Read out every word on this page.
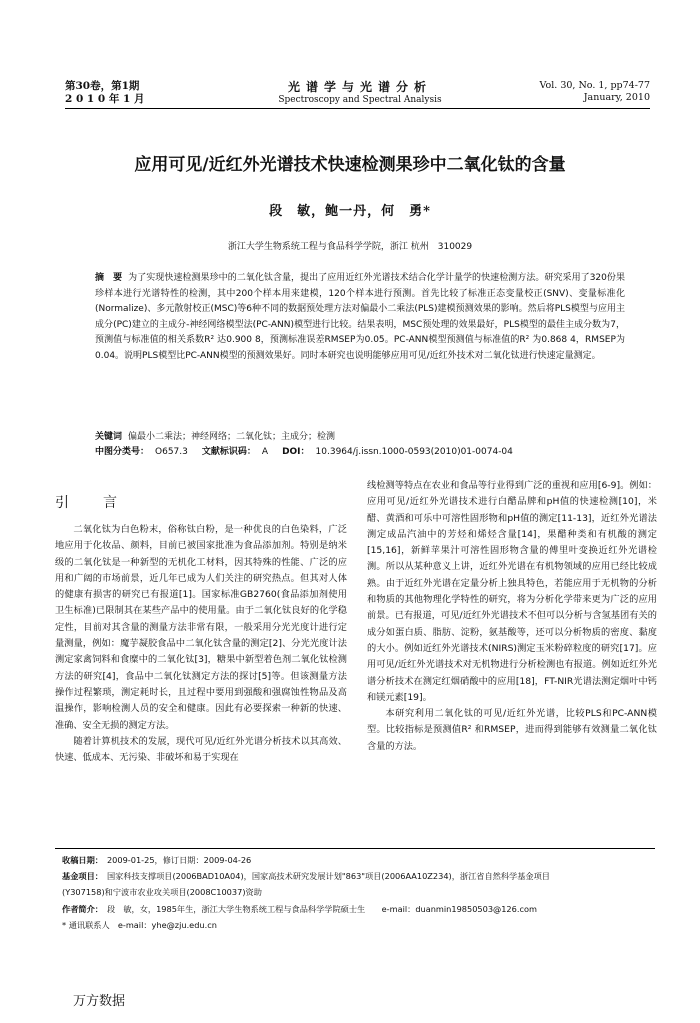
第30卷，第1期
2 0 1 0 年 1 月
光谱学与光谱分析
Spectroscopy and Spectral Analysis
Vol. 30, No. 1, pp74-77
January, 2010
应用可见/近红外光谱技术快速检测果珍中二氧化钛的含量
段　敏，鲍一丹，何　勇*
浙江大学生物系统工程与食品科学学院，浙江 杭州　310029
摘　要 为了实现快速检测果珍中的二氧化钛含量，提出了应用近红外光谱技术结合化学计量学的快速检测方法。研究采用了320份果珍样本进行光谱特性的检测，其中200个样本用来建模，120个样本进行预测。首先比较了标准正态变量校正(SNV)、变量标准化(Normalize)、多元散射校正(MSC)等6种不同的数据预处理方法对偏最小二乘法(PLS)建模预测效果的影响。然后将PLS模型与应用主成分(PC)建立的主成分-神经网络模型法(PC-ANN)模型进行比较。结果表明，MSC预处理的效果最好，PLS模型的最佳主成分数为7，预测值与标准值的相关系数R² 达0.900 8，预测标准误差RMSEP为0.05。PC-ANN模型预测值与标准值的R² 为0.868 4，RMSEP为0.04。说明PLS模型比PC-ANN模型的预测效果好。同时本研究也说明能够应用可见/近红外技术对二氧化钛进行快速定量测定。
关键词 偏最小二乘法；神经网络；二氧化钛；主成分；检测
中图分类号： O657.3 文献标识码： A DOI： 10.3964/j.issn.1000-0593(2010)01-0074-04
引　言

二氧化钛为白色粉末，俗称钛白粉，是一种优良的白色染料，广泛地应用于化妆品、颜料，目前已被国家批准为食品添加剂。特别是纳米级的二氧化钛是一种新型的无机化工材料，因其特殊的性能、广泛的应用和广阔的市场前景，近几年已成为人们关注的研究热点。但其对人体的健康有损害的研究已有报道[1]。国家标准GB2760(食品添加剂使用卫生标准)已限制其在某些产品中的使用量。由于二氧化钛良好的化学稳定性，目前对其含量的测量方法非常有限，一般采用分光光度计进行定量测量，例如：魔芋凝胶食品中二氧化钛含量的测定[2]、分光光度计法测定家禽饲料和食糜中的二氧化钛[3]，糖果中新型着色剂二氧化钛检测方法的研究[4]，食品中二氧化钛测定方法的探讨[5]等。但该测量方法操作过程繁琐，测定耗时长，且过程中要用到强酸和强腐蚀性物品及高温操作，影响检测人员的安全和健康。因此有必要探索一种新的快速、准确、安全无损的测定方法。

随着计算机技术的发展，现代可见/近红外光谱分析技术以其高效、快速、低成本、无污染、非破坏和易于实现在

线检测等特点在农业和食品等行业得到广泛的重视和应用[6-9]。例如：应用可见/近红外光谱技术进行白醋品牌和pH值的快速检测[10]，米醋、黄酒和可乐中可溶性固形物和pH值的测定[11-13]，近红外光谱法测定成品汽油中的芳烃和烯烃含量[14]，果醋种类和有机酸的测定[15,16]，新鲜苹果汁可溶性固形物含量的傅里叶变换近红外光谱检测。所以从某种意义上讲，近红外光谱在有机物领域的应用已经比较成熟。由于近红外光谱在定量分析上独具特色，若能应用于无机物的分析和物质的其他物理化学特性的研究，将为分析化学带来更为广泛的应用前景。已有报道，可见/近红外光谱技术不但可以分析与含氢基团有关的成分如蛋白质、脂肪、淀粉，氨基酸等，还可以分析物质的密度、黏度的大小。例如近红外光谱技术(NIRS)测定玉米粉碎粒度的研究[17]。应用可见/近红外光谱技术对无机物进行分析检测也有报道。例如近红外光谱分析技术在测定红烟硝酸中的应用[18]，FT-NIR光谱法测定烟叶中钙和镁元素[19]。

本研究利用二氧化钛的可见/近红外光谱，比较PLS和PC-ANN模型。比较指标是预测值R² 和RMSEP，进而得到能够有效测量二氧化钛含量的方法。

收稿日期： 2009-01-25，修订日期：2009-04-26
基金项目： 国家科技支撑项目(2006BAD10A04)，国家高技术研究发展计划"863"项目(2006AA10Z234)，浙江省自然科学基金项目
(Y307158)和宁波市农业攻关项目(2008C10037)资助
作者简介： 段　敏，女，1985年生，浙江大学生物系统工程与食品科学学院硕士生　　e-mail：duanmin19850503@126.com
* 通讯联系人　e-mail：yhe@zju.edu.cn
万方数据
